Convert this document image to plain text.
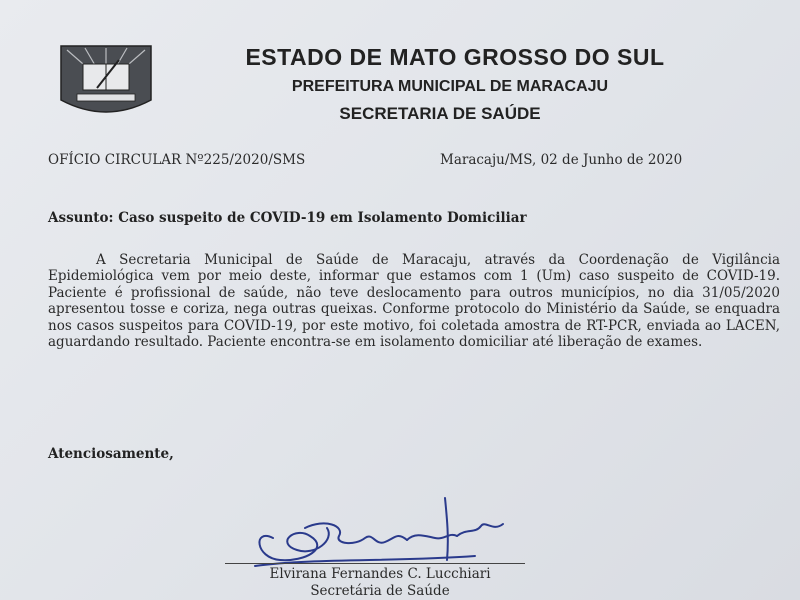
ESTADO DE MATO GROSSO DO SUL
PREFEITURA MUNICIPAL DE MARACAJU
SECRETARIA DE SAÚDE
OFÍCIO CIRCULAR Nº225/2020/SMS	Maracaju/MS, 02 de Junho de 2020
Assunto: Caso suspeito de COVID-19 em Isolamento Domiciliar
A Secretaria Municipal de Saúde de Maracaju, através da Coordenação de Vigilância Epidemiológica vem por meio deste, informar que estamos com 1 (Um) caso suspeito de COVID-19. Paciente é profissional de saúde, não teve deslocamento para outros municípios, no dia 31/05/2020 apresentou tosse e coriza, nega outras queixas. Conforme protocolo do Ministério da Saúde, se enquadra nos casos suspeitos para COVID-19, por este motivo, foi coletada amostra de RT-PCR, enviada ao LACEN, aguardando resultado. Paciente encontra-se em isolamento domiciliar até liberação de exames.
Atenciosamente,
Elvirana Fernandes C. Lucchiari
Secretária de Saúde
